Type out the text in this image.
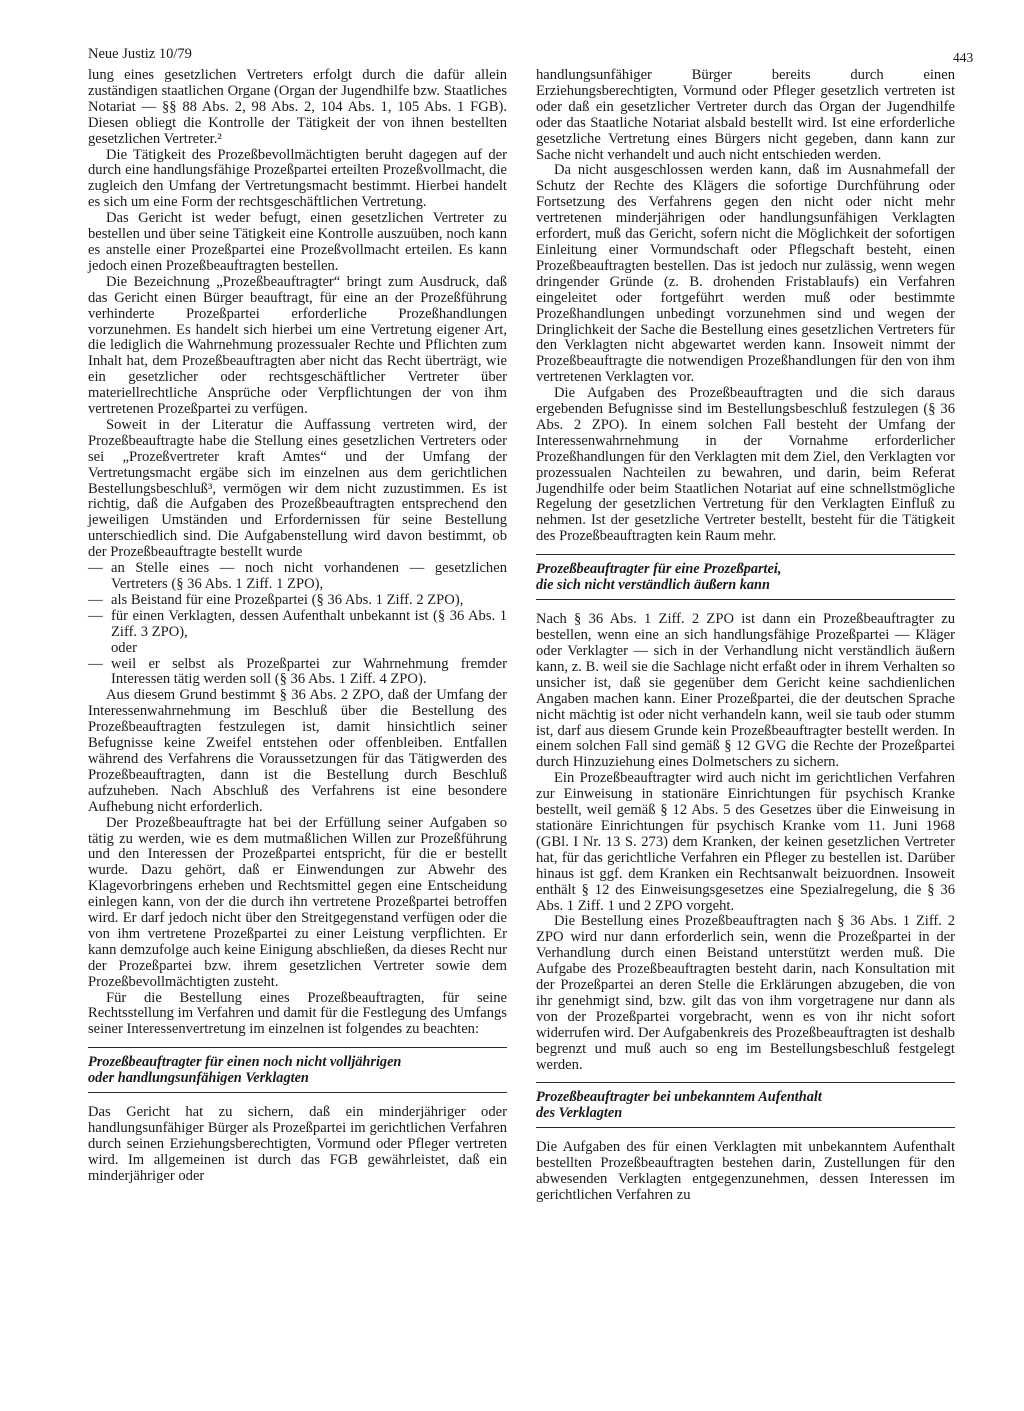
Neue Justiz 10/79	443

lung eines gesetzlichen Vertreters erfolgt durch die dafür allein zuständigen staatlichen Organe (Organ der Jugendhilfe bzw. Staatliches Notariat — §§ 88 Abs. 2, 98 Abs. 2, 104 Abs. 1, 105 Abs. 1 FGB). Diesen obliegt die Kontrolle der Tätigkeit der von ihnen bestellten gesetzlichen Vertreter.²

Die Tätigkeit des Prozeßbevollmächtigten beruht dagegen auf der durch eine handlungsfähige Prozeßpartei erteilten Prozeßvollmacht, die zugleich den Umfang der Vertretungsmacht bestimmt. Hierbei handelt es sich um eine Form der rechtsgeschäftlichen Vertretung.

Das Gericht ist weder befugt, einen gesetzlichen Vertreter zu bestellen und über seine Tätigkeit eine Kontrolle auszuüben, noch kann es anstelle einer Prozeßpartei eine Prozeßvollmacht erteilen. Es kann jedoch einen Prozeßbeauftragten bestellen.

Die Bezeichnung „Prozeßbeauftragter“ bringt zum Ausdruck, daß das Gericht einen Bürger beauftragt, für eine an der Prozeßführung verhinderte Prozeßpartei erforderliche Prozeßhandlungen vorzunehmen. Es handelt sich hierbei um eine Vertretung eigener Art, die lediglich die Wahrnehmung prozessualer Rechte und Pflichten zum Inhalt hat, dem Prozeßbeauftragten aber nicht das Recht überträgt, wie ein gesetzlicher oder rechtsgeschäftlicher Vertreter über materiellrechtliche Ansprüche oder Verpflichtungen der von ihm vertretenen Prozeßpartei zu verfügen.

Soweit in der Literatur die Auffassung vertreten wird, der Prozeßbeauftragte habe die Stellung eines gesetzlichen Vertreters oder sei „Prozeßvertreter kraft Amtes“ und der Umfang der Vertretungsmacht ergäbe sich im einzelnen aus dem gerichtlichen Bestellungsbeschluß³, vermögen wir dem nicht zuzustimmen. Es ist richtig, daß die Aufgaben des Prozeßbeauftragten entsprechend den jeweiligen Umständen und Erfordernissen für seine Bestellung unterschiedlich sind. Die Aufgabenstellung wird davon bestimmt, ob der Prozeßbeauftragte bestellt wurde

— an Stelle eines — noch nicht vorhandenen — gesetzlichen Vertreters (§ 36 Abs. 1 Ziff. 1 ZPO),
— als Beistand für eine Prozeßpartei (§ 36 Abs. 1 Ziff. 2 ZPO),
— für einen Verklagten, dessen Aufenthalt unbekannt ist (§ 36 Abs. 1 Ziff. 3 ZPO),
oder
— weil er selbst als Prozeßpartei zur Wahrnehmung fremder Interessen tätig werden soll (§ 36 Abs. 1 Ziff. 4 ZPO).

Aus diesem Grund bestimmt § 36 Abs. 2 ZPO, daß der Umfang der Interessenwahrnehmung im Beschluß über die Bestellung des Prozeßbeauftragten festzulegen ist, damit hinsichtlich seiner Befugnisse keine Zweifel entstehen oder offenbleiben. Entfallen während des Verfahrens die Voraussetzungen für das Tätigwerden des Prozeßbeauftragten, dann ist die Bestellung durch Beschluß aufzuheben. Nach Abschluß des Verfahrens ist eine besondere Aufhebung nicht erforderlich.

Der Prozeßbeauftragte hat bei der Erfüllung seiner Aufgaben so tätig zu werden, wie es dem mutmaßlichen Willen zur Prozeßführung und den Interessen der Prozeßpartei entspricht, für die er bestellt wurde. Dazu gehört, daß er Einwendungen zur Abwehr des Klagevorbringens erheben und Rechtsmittel gegen eine Entscheidung einlegen kann, von der die durch ihn vertretene Prozeßpartei betroffen wird. Er darf jedoch nicht über den Streitgegenstand verfügen oder die von ihm vertretene Prozeßpartei zu einer Leistung verpflichten. Er kann demzufolge auch keine Einigung abschließen, da dieses Recht nur der Prozeßpartei bzw. ihrem gesetzlichen Vertreter sowie dem Prozeßbevollmächtigten zusteht.

Für die Bestellung eines Prozeßbeauftragten, für seine Rechtsstellung im Verfahren und damit für die Festlegung des Umfangs seiner Interessenvertretung im einzelnen ist folgendes zu beachten:

Prozeßbeauftragter für einen noch nicht volljährigen
oder handlungsunfähigen Verklagten

Das Gericht hat zu sichern, daß ein minderjähriger oder handlungsunfähiger Bürger als Prozeßpartei im gerichtlichen Verfahren durch seinen Erziehungsberechtigten, Vormund oder Pfleger vertreten wird. Im allgemeinen ist durch das FGB gewährleistet, daß ein minderjähriger oder

handlungsunfähiger Bürger bereits durch einen Erziehungsberechtigten, Vormund oder Pfleger gesetzlich vertreten ist oder daß ein gesetzlicher Vertreter durch das Organ der Jugendhilfe oder das Staatliche Notariat alsbald bestellt wird. Ist eine erforderliche gesetzliche Vertretung eines Bürgers nicht gegeben, dann kann zur Sache nicht verhandelt und auch nicht entschieden werden.

Da nicht ausgeschlossen werden kann, daß im Ausnahmefall der Schutz der Rechte des Klägers die sofortige Durchführung oder Fortsetzung des Verfahrens gegen den nicht oder nicht mehr vertretenen minderjährigen oder handlungsunfähigen Verklagten erfordert, muß das Gericht, sofern nicht die Möglichkeit der sofortigen Einleitung einer Vormundschaft oder Pflegschaft besteht, einen Prozeßbeauftragten bestellen. Das ist jedoch nur zulässig, wenn wegen dringender Gründe (z. B. drohenden Fristablaufs) ein Verfahren eingeleitet oder fortgeführt werden muß oder bestimmte Prozeßhandlungen unbedingt vorzunehmen sind und wegen der Dringlichkeit der Sache die Bestellung eines gesetzlichen Vertreters für den Verklagten nicht abgewartet werden kann. Insoweit nimmt der Prozeßbeauftragte die notwendigen Prozeßhandlungen für den von ihm vertretenen Verklagten vor.

Die Aufgaben des Prozeßbeauftragten und die sich daraus ergebenden Befugnisse sind im Bestellungsbeschluß festzulegen (§ 36 Abs. 2 ZPO). In einem solchen Fall besteht der Umfang der Interessenwahrnehmung in der Vornahme erforderlicher Prozeßhandlungen für den Verklagten mit dem Ziel, den Verklagten vor prozessualen Nachteilen zu bewahren, und darin, beim Referat Jugendhilfe oder beim Staatlichen Notariat auf eine schnellstmögliche Regelung der gesetzlichen Vertretung für den Verklagten Einfluß zu nehmen. Ist der gesetzliche Vertreter bestellt, besteht für die Tätigkeit des Prozeßbeauftragten kein Raum mehr.

Prozeßbeauftragter für eine Prozeßpartei,
die sich nicht verständlich äußern kann

Nach § 36 Abs. 1 Ziff. 2 ZPO ist dann ein Prozeßbeauftragter zu bestellen, wenn eine an sich handlungsfähige Prozeßpartei — Kläger oder Verklagter — sich in der Verhandlung nicht verständlich äußern kann, z. B. weil sie die Sachlage nicht erfaßt oder in ihrem Verhalten so unsicher ist, daß sie gegenüber dem Gericht keine sachdienlichen Angaben machen kann. Einer Prozeßpartei, die der deutschen Sprache nicht mächtig ist oder nicht verhandeln kann, weil sie taub oder stumm ist, darf aus diesem Grunde kein Prozeßbeauftragter bestellt werden. In einem solchen Fall sind gemäß § 12 GVG die Rechte der Prozeßpartei durch Hinzuziehung eines Dolmetschers zu sichern.

Ein Prozeßbeauftragter wird auch nicht im gerichtlichen Verfahren zur Einweisung in stationäre Einrichtungen für psychisch Kranke bestellt, weil gemäß § 12 Abs. 5 des Gesetzes über die Einweisung in stationäre Einrichtungen für psychisch Kranke vom 11. Juni 1968 (GBl. I Nr. 13 S. 273) dem Kranken, der keinen gesetzlichen Vertreter hat, für das gerichtliche Verfahren ein Pfleger zu bestellen ist. Darüber hinaus ist ggf. dem Kranken ein Rechtsanwalt beizuordnen. Insoweit enthält § 12 des Einweisungsgesetzes eine Spezialregelung, die § 36 Abs. 1 Ziff. 1 und 2 ZPO vorgeht.

Die Bestellung eines Prozeßbeauftragten nach § 36 Abs. 1 Ziff. 2 ZPO wird nur dann erforderlich sein, wenn die Prozeßpartei in der Verhandlung durch einen Beistand unterstützt werden muß. Die Aufgabe des Prozeßbeauftragten besteht darin, nach Konsultation mit der Prozeßpartei an deren Stelle die Erklärungen abzugeben, die von ihr genehmigt sind, bzw. gilt das von ihm vorgetragene nur dann als von der Prozeßpartei vorgebracht, wenn es von ihr nicht sofort widerrufen wird. Der Aufgabenkreis des Prozeßbeauftragten ist deshalb begrenzt und muß auch so eng im Bestellungsbeschluß festgelegt werden.

Prozeßbeauftragter bei unbekanntem Aufenthalt
des Verklagten

Die Aufgaben des für einen Verklagten mit unbekanntem Aufenthalt bestellten Prozeßbeauftragten bestehen darin, Zustellungen für den abwesenden Verklagten entgegenzunehmen, dessen Interessen im gerichtlichen Verfahren zu
